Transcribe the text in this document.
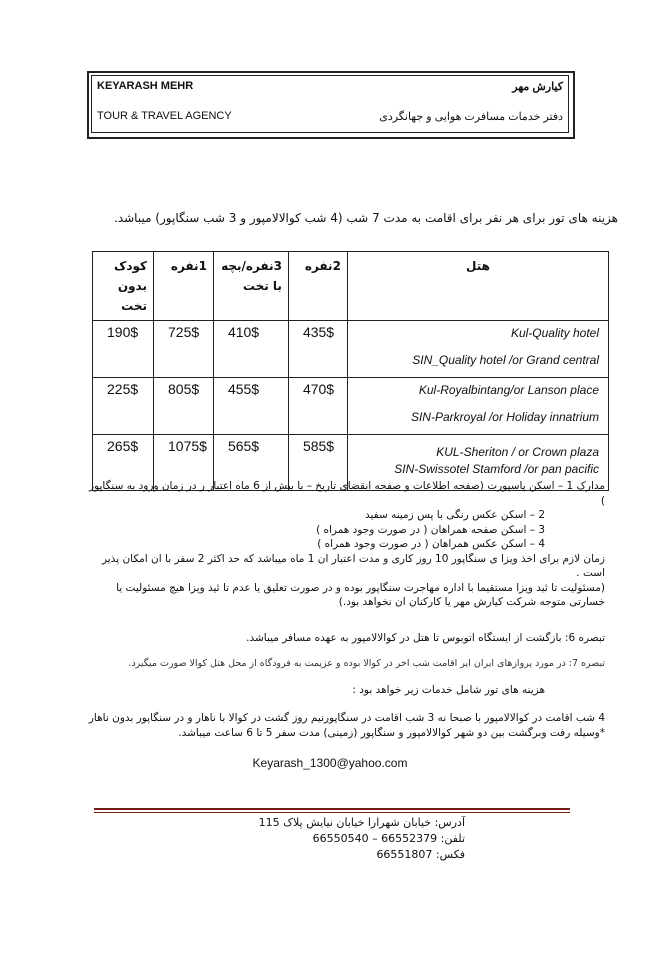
KEYARASH MEHR	کیارش مهر
TOUR & TRAVEL AGENCY	دفتر خدمات مسافرت هوایی و جهانگردی
هزینه های تور برای هر نفر برای اقامت به مدت 7 شب (4 شب کوالالامپور و 3 شب سنگاپور) میباشد.
کودک بدون تخت	1نفره	3نفره/بچه با تخت	2نفره	هتل
190$	725$	410$	435$	Kul-Quality hotel
SIN_Quality hotel /or Grand central

225$	805$	455$	470$	Kul-Royalbintang/or Lanson place
SIN-Parkroyal /or Holiday innatrium

265$	1075$	565$	585$	KUL-Sheriton / or Crown plaza
SIN-Swissotel Stamford /or pan pacific

مدارک 1 – اسکن پاسپورت (صفحه اطلاعات و صفحه انقضای تاریخ – با بیش از 6 ماه اعتبار ر در زمان ورود به سنگاپور )

2 – اسکن عکس رنگی با پس زمینه سفید

3 – اسکن صفحه همراهان ( در صورت وجود همراه )

4 – اسکن عکس همراهان ( در صورت وجود همراه )

زمان لازم برای اخذ ویزا ی سنگاپور 10 روز کاری و مدت اعتبار ان 1 ماه میباشد که حد اکثر 2 سفر با ان امکان پذیر است .

(مسئولیت تا ئید ویزا مستقیما با اداره مهاجرت سنگاپور بوده و در صورت تعلیق یا عدم تا ئید ویزا هیچ مسئولیت یا خسارتی متوجه شرکت کیارش مهر یا کارکنان ان نخواهد بود.)

تبصره 6: بازگشت از ایستگاه اتوبوس تا هتل در کوالالامپور به عهده مسافر میباشد.
تبصره 7: در مورد پروازهای ایران ایر اقامت شب اخر در کوالا بوده و عزیمت به فرودگاه از محل هتل کوالا صورت میگیرد.
هزینه های تور شامل خدمات زیر خواهد بود :
4 شب اقامت در کوالالامپور با صبحا نه 3 شب اقامت در سنگاپورنیم روز گشت در کوالا با ناهار و در سنگاپور بدون ناهار *وسیله رفت وبرگشت بین دو شهر کوالالامپور و سنگاپور (زمینی) مدت سفر 5 تا 6 ساعت میباشد.
Keyarash_1300@yahoo.com
آدرس: خیابان شهرارا خیابان نیایش پلاک 115
تلفن: 66552379 – 66550540
فکس: 66551807
